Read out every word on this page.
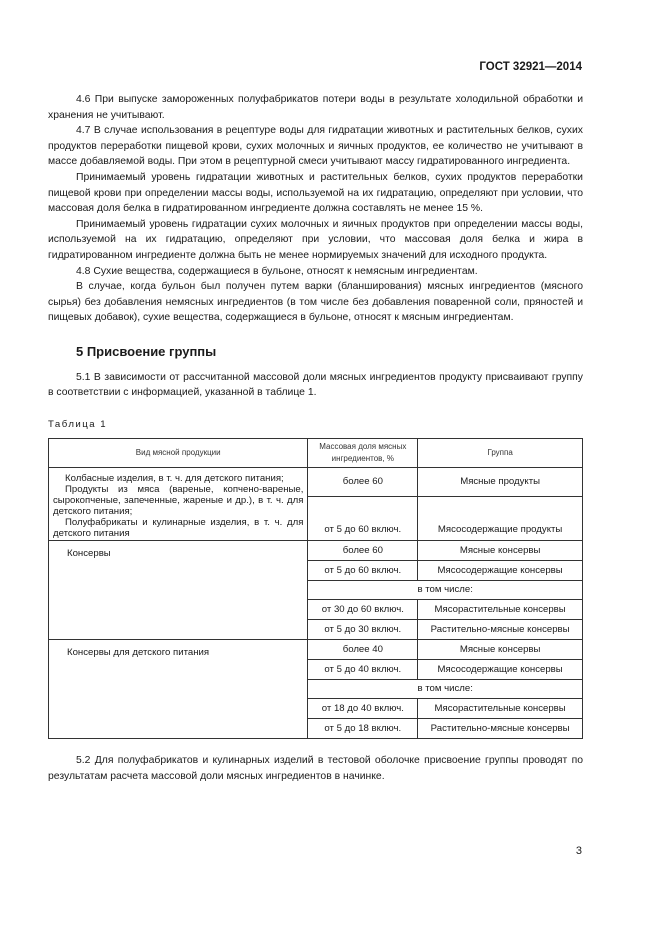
ГОСТ 32921—2014

4.6 При выпуске замороженных полуфабрикатов потери воды в результате холодильной обработки и хранения не учитывают.

4.7 В случае использования в рецептуре воды для гидратации животных и растительных белков, сухих продуктов переработки пищевой крови, сухих молочных и яичных продуктов, ее количество не учитывают в массе добавляемой воды. При этом в рецептурной смеси учитывают массу гидратированного ингредиента.

Принимаемый уровень гидратации животных и растительных белков, сухих продуктов переработки пищевой крови при определении массы воды, используемой на их гидратацию, определяют при условии, что массовая доля белка в гидратированном ингредиенте должна составлять не менее 15 %.

Принимаемый уровень гидратации сухих молочных и яичных продуктов при определении массы воды, используемой на их гидратацию, определяют при условии, что массовая доля белка и жира в гидратированном ингредиенте должна быть не менее нормируемых значений для исходного продукта.

4.8 Сухие вещества, содержащиеся в бульоне, относят к немясным ингредиентам.

В случае, когда бульон был получен путем варки (бланширования) мясных ингредиентов (мясного сырья) без добавления немясных ингредиентов (в том числе без добавления поваренной соли, пряностей и пищевых добавок), сухие вещества, содержащиеся в бульоне, относят к мясным ингредиентам.

5 Присвоение группы

5.1 В зависимости от рассчитанной массовой доли мясных ингредиентов продукту присваивают группу в соответствии с информацией, указанной в таблице 1.

Таблица 1
Вид мясной продукции	Массовая доля мясных ингредиентов, %	Группа

Колбасные изделия, в т. ч. для детского питания;

Продукты из мяса (вареные, копчено-вареные, сырокопченые, запеченные, жареные и др.), в т. ч. для детского питания;

Полуфабрикаты и кулинарные изделия, в т. ч. для детского питания	более 60	Мясные продукты
	от 5 до 60 включ.	Мясосодержащие продукты
Консервы	более 60	Мясные консервы
	от 5 до 60 включ.	Мясосодержащие консервы
	в том числе:	
	от 30 до 60 включ.	Мясорастительные консервы
	от 5 до 30 включ.	Растительно-мясные консервы
Консервы для детского питания	более 40	Мясные консервы
	от 5 до 40 включ.	Мясосодержащие консервы
	в том числе:	
	от 18 до 40 включ.	Мясорастительные консервы
	от 5 до 18 включ.	Растительно-мясные консервы

5.2 Для полуфабрикатов и кулинарных изделий в тестовой оболочке присвоение группы проводят по результатам расчета массовой доли мясных ингредиентов в начинке.

3
